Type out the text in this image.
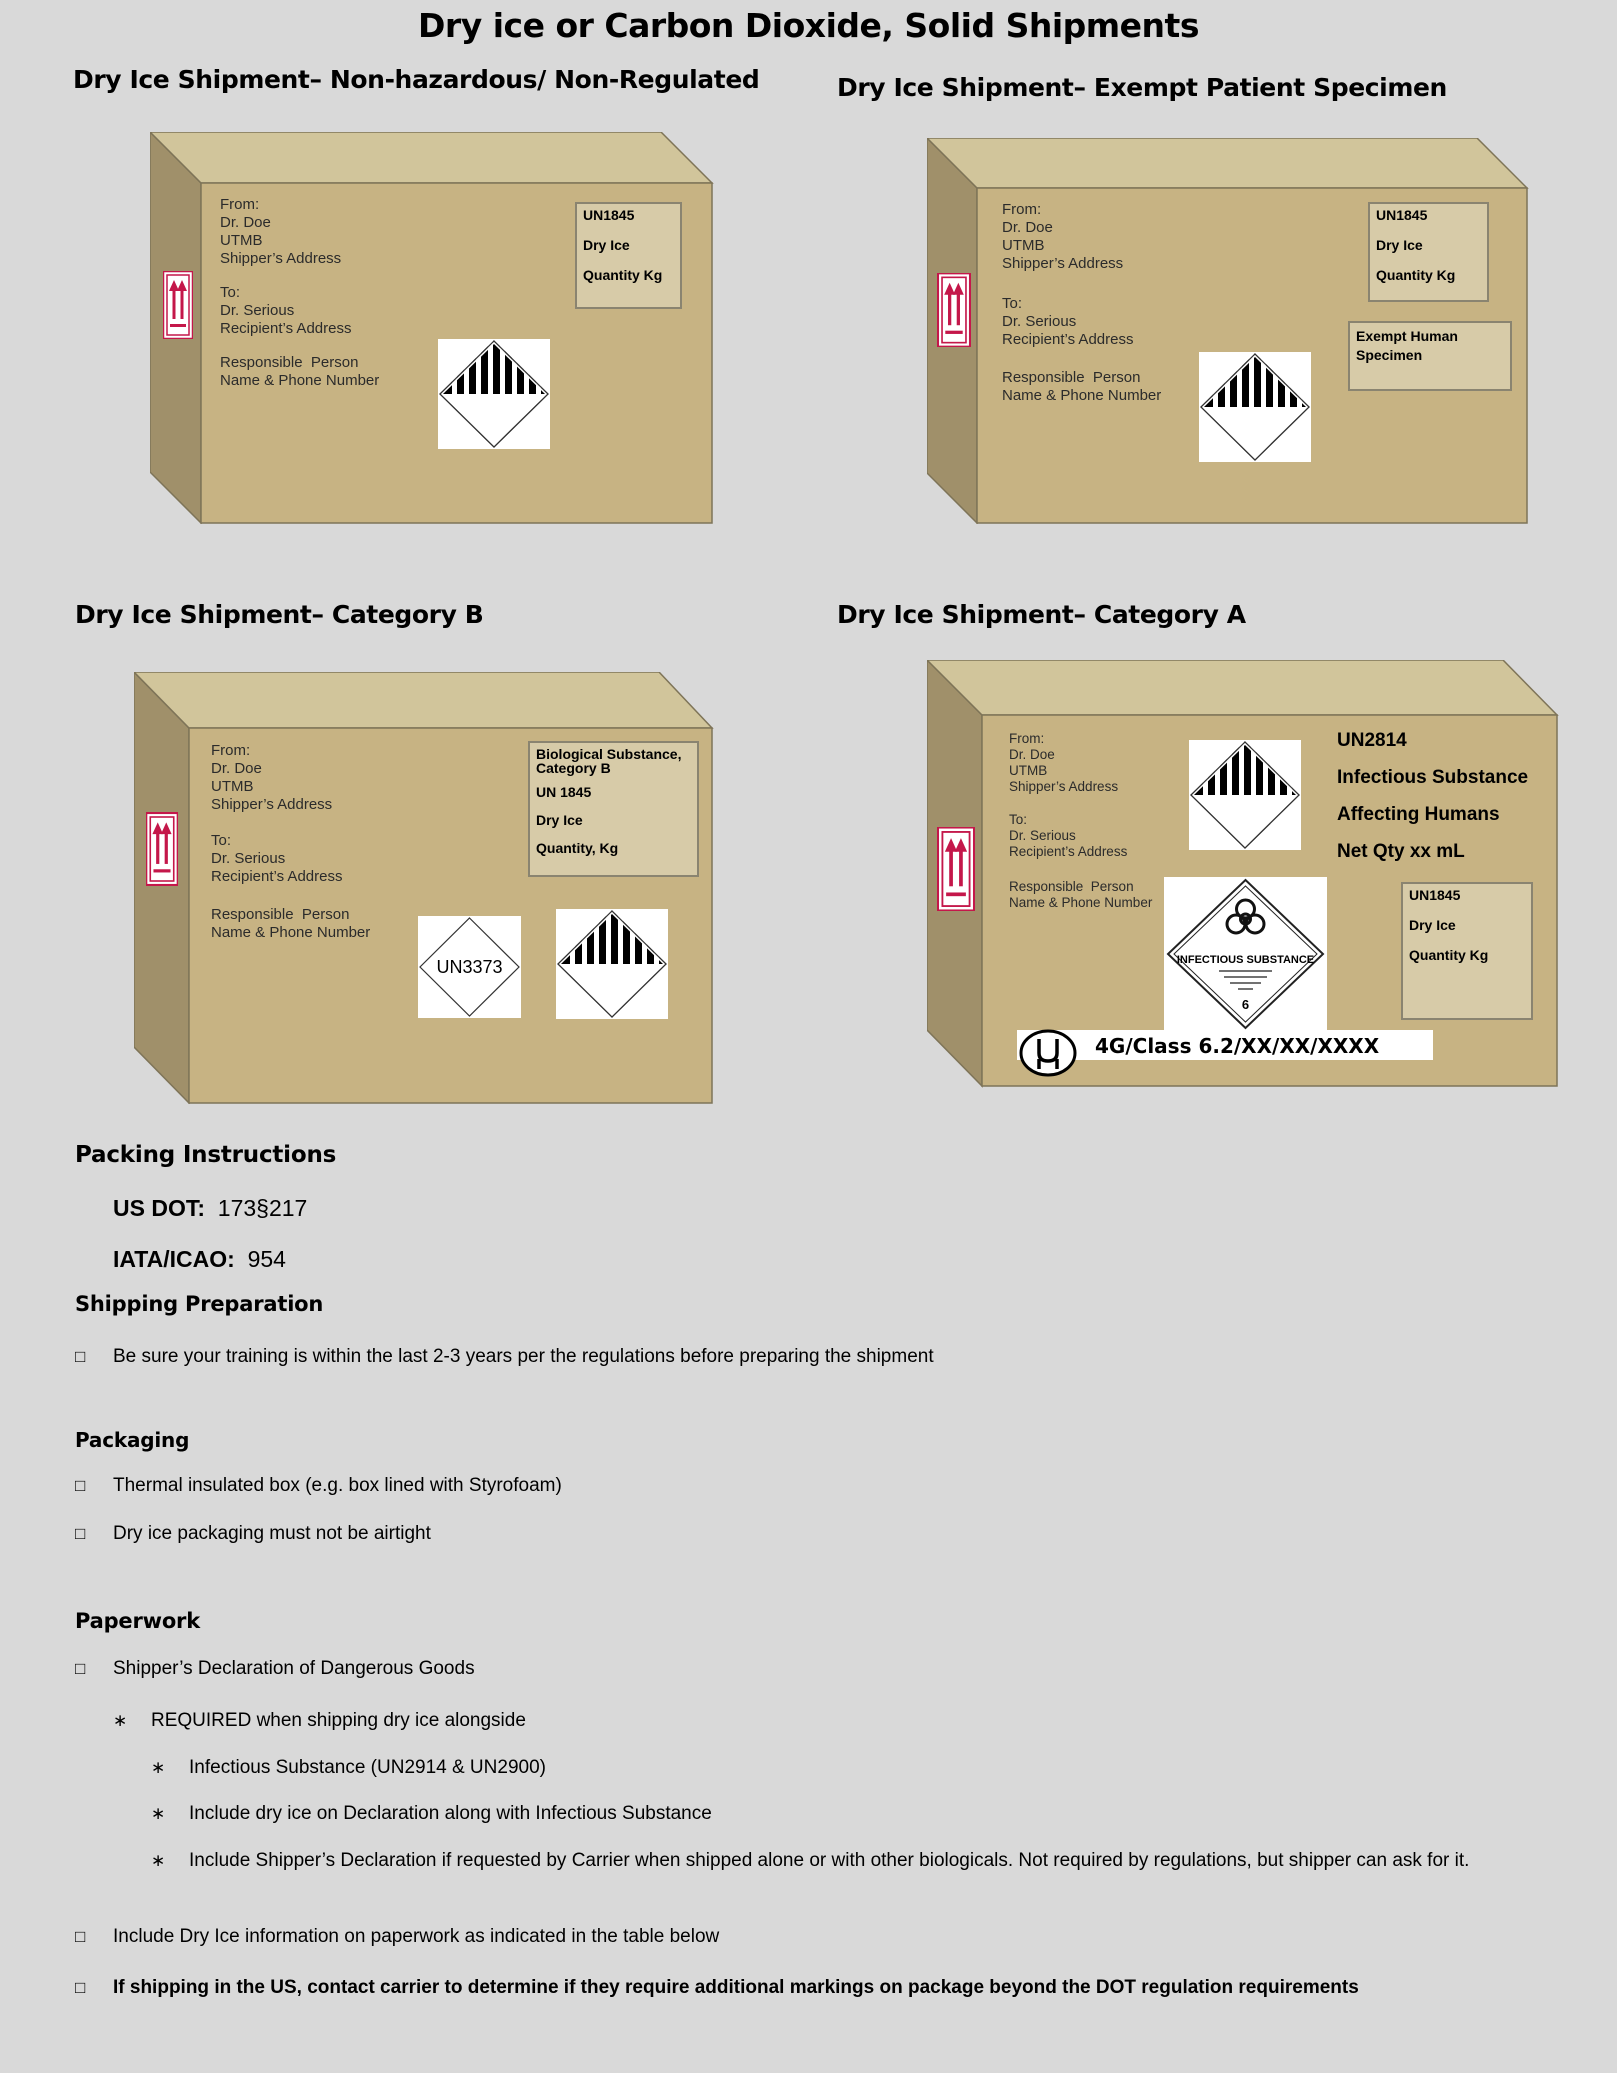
Dry ice or Carbon Dioxide, Solid Shipments
Dry Ice Shipment– Non-hazardous/ Non-Regulated	Dry Ice Shipment– Exempt Patient Specimen
Dry Ice Shipment– Category B	Dry Ice Shipment– Category A
From:
Dr. Doe
UTMB
Shipper’s Address
To:
Dr. Serious
Recipient’s Address
Responsible  Person
Name & Phone Number
UN1845
Dry Ice
Quantity Kg
From:
Dr. Doe
UTMB
Shipper’s Address
To:
Dr. Serious
Recipient’s Address
Responsible  Person
Name & Phone Number
UN1845
Dry Ice
Quantity Kg
Exempt Human Specimen
From:
Dr. Doe
UTMB
Shipper’s Address
To:
Dr. Serious
Recipient’s Address
Responsible  Person
Name & Phone Number
Biological Substance, Category B
UN 1845
Dry Ice
Quantity, Kg
UN3373
From:
Dr. Doe
UTMB
Shipper’s Address
To:
Dr. Serious
Recipient’s Address
Responsible  Person
Name & Phone Number
UN2814
Infectious Substance
Affecting Humans
Net Qty xx mL
INFECTIOUS SUBSTANCE
6
UN1845
Dry Ice
Quantity Kg
4G/Class 6.2/XX/XX/XXXX
Packing Instructions
US DOT: 173§217
IATA/ICAO: 954
Shipping Preparation
□ Be sure your training is within the last 2-3 years per the regulations before preparing the shipment
Packaging
□ Thermal insulated box (e.g. box lined with Styrofoam)
□ Dry ice packaging must not be airtight
Paperwork
□ Shipper’s Declaration of Dangerous Goods
∗ REQUIRED when shipping dry ice alongside
∗ Infectious Substance (UN2914 & UN2900)
∗ Include dry ice on Declaration along with Infectious Substance
∗	Include Shipper’s Declaration if requested by Carrier when shipped alone or with other biologicals. Not required by regulations, but shipper can ask for it.
□ Include Dry Ice information on paperwork as indicated in the table below
□ If shipping in the US, contact carrier to determine if they require additional markings on package beyond the DOT regulation requirements
